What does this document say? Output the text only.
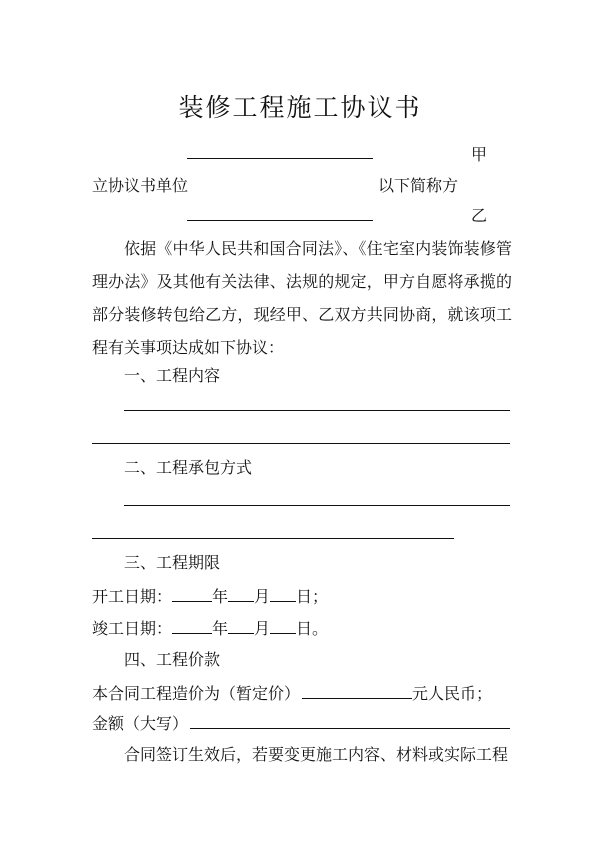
装修工程施工协议书
甲
立协议书单位	以下简称方
乙
依据《中华人民共和国合同法》、《住宅室内装饰装修管理办法》及其他有关法律、法规的规定，甲方自愿将承揽的部分装修转包给乙方，现经甲、乙双方共同协商，就该项工程有关事项达成如下协议：
一、工程内容
二、工程承包方式
三、工程期限
开工日期：	年 月 日；
竣工日期：	年 月 日。
四、工程价款
本合同工程造价为（暂定价）	元人民币；
金额（大写）
合同签订生效后，若要变更施工内容、材料或实际工程
